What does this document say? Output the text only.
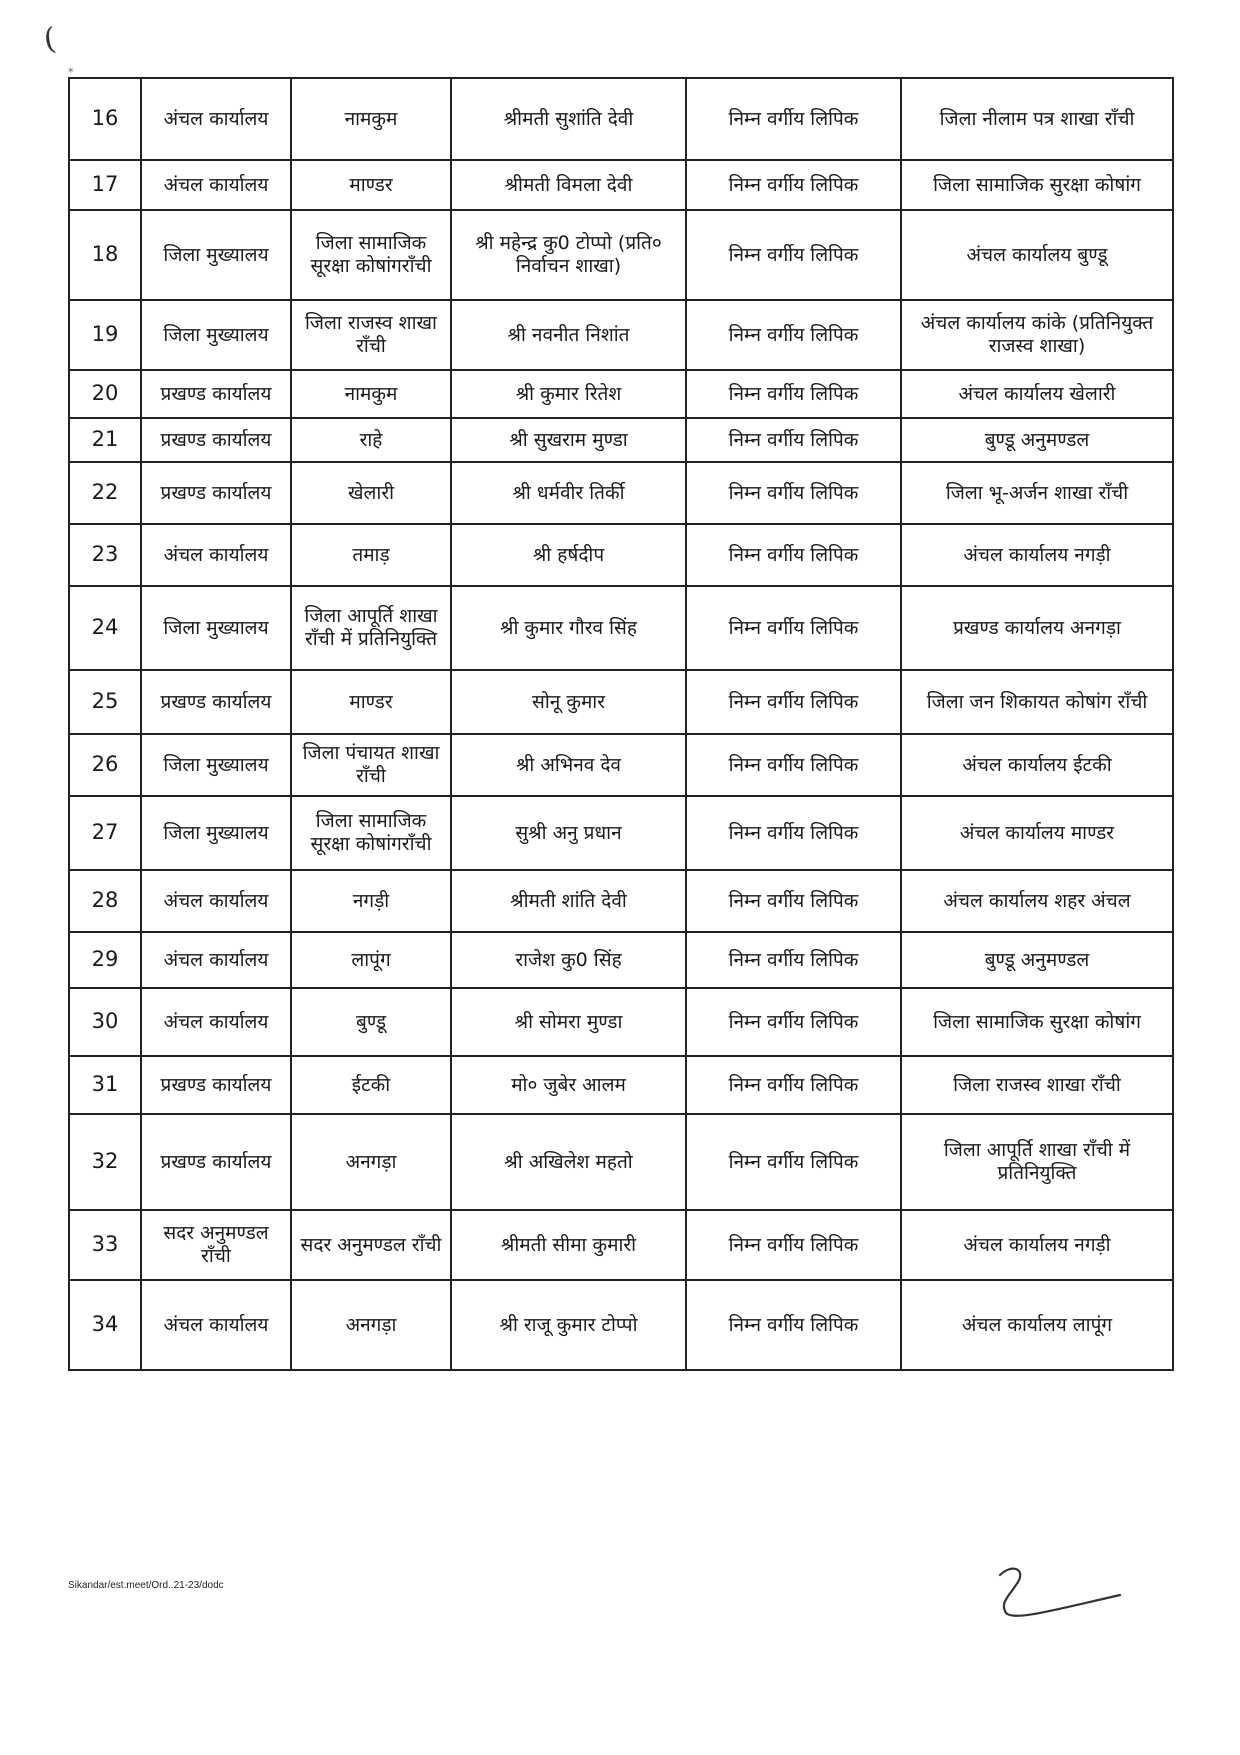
(
⁎
16	अंचल कार्यालय	नामकुम	श्रीमती सुशांति देवी	निम्न वर्गीय लिपिक	जिला नीलाम पत्र शाखा राँची
17	अंचल कार्यालय	माण्डर	श्रीमती विमला देवी	निम्न वर्गीय लिपिक	जिला सामाजिक सुरक्षा कोषांग
18	जिला मुख्यालय	जिला सामाजिक सूरक्षा कोषांगराँची	श्री महेन्द्र कु0 टोप्पो (प्रति० निर्वाचन शाखा)	निम्न वर्गीय लिपिक	अंचल कार्यालय बुण्डू
19	जिला मुख्यालय	जिला राजस्व शाखा राँची	श्री नवनीत निशांत	निम्न वर्गीय लिपिक	अंचल कार्यालय कांके (प्रतिनियुक्त राजस्व शाखा)
20	प्रखण्ड कार्यालय	नामकुम	श्री कुमार रितेश	निम्न वर्गीय लिपिक	अंचल कार्यालय खेलारी
21	प्रखण्ड कार्यालय	राहे	श्री सुखराम मुण्डा	निम्न वर्गीय लिपिक	बुण्डू अनुमण्डल
22	प्रखण्ड कार्यालय	खेलारी	श्री धर्मवीर तिर्की	निम्न वर्गीय लिपिक	जिला भू-अर्जन शाखा राँची
23	अंचल कार्यालय	तमाड़	श्री हर्षदीप	निम्न वर्गीय लिपिक	अंचल कार्यालय नगड़ी
24	जिला मुख्यालय	जिला आपूर्ति शाखा राँची में प्रतिनियुक्ति	श्री कुमार गौरव सिंह	निम्न वर्गीय लिपिक	प्रखण्ड कार्यालय अनगड़ा
25	प्रखण्ड कार्यालय	माण्डर	सोनू कुमार	निम्न वर्गीय लिपिक	जिला जन शिकायत कोषांग राँची
26	जिला मुख्यालय	जिला पंचायत शाखा राँची	श्री अभिनव देव	निम्न वर्गीय लिपिक	अंचल कार्यालय ईटकी
27	जिला मुख्यालय	जिला सामाजिक सूरक्षा कोषांगराँची	सुश्री अनु प्रधान	निम्न वर्गीय लिपिक	अंचल कार्यालय माण्डर
28	अंचल कार्यालय	नगड़ी	श्रीमती शांति देवी	निम्न वर्गीय लिपिक	अंचल कार्यालय शहर अंचल
29	अंचल कार्यालय	लापूंग	राजेश कु0 सिंह	निम्न वर्गीय लिपिक	बुण्डू अनुमण्डल
30	अंचल कार्यालय	बुण्डू	श्री सोमरा मुण्डा	निम्न वर्गीय लिपिक	जिला सामाजिक सुरक्षा कोषांग
31	प्रखण्ड कार्यालय	ईटकी	मो० जुबेर आलम	निम्न वर्गीय लिपिक	जिला राजस्व शाखा राँची
32	प्रखण्ड कार्यालय	अनगड़ा	श्री अखिलेश महतो	निम्न वर्गीय लिपिक	जिला आपूर्ति शाखा राँची में प्रतिनियुक्ति
33	सदर अनुमण्डल राँची	सदर अनुमण्डल राँची	श्रीमती सीमा कुमारी	निम्न वर्गीय लिपिक	अंचल कार्यालय नगड़ी
34	अंचल कार्यालय	अनगड़ा	श्री राजू कुमार टोप्पो	निम्न वर्गीय लिपिक	अंचल कार्यालय लापूंग
Sikandar/est.meet/Ord..21-23/dodc
